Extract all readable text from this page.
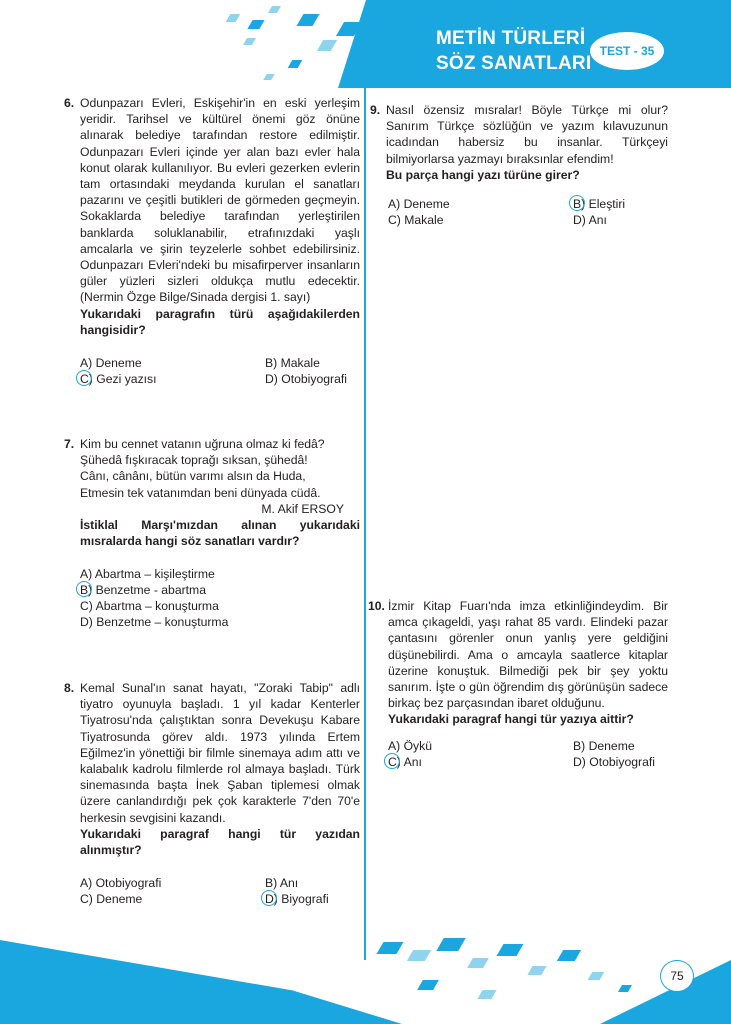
METİN TÜRLERİ
SÖZ SANATLARI
TEST - 35
6. Odunpazarı Evleri, Eskişehir'in en eski yerleşim yeridir. Tarihsel ve kültürel önemi göz önüne alınarak belediye tarafından restore edilmiştir. Odunpazarı Evleri içinde yer alan bazı evler hala konut olarak kullanılıyor. Bu evleri gezerken evlerin tam ortasındaki meydanda kurulan el sanatları pazarını ve çeşitli butikleri de görmeden geçmeyin. Sokaklarda belediye tarafından yerleştirilen banklarda soluklanabilir, etrafınızdaki yaşlı amcalarla ve şirin teyzelerle sohbet edebilirsiniz. Odunpazarı Evleri'ndeki bu misafirperver insanların güler yüzleri sizleri oldukça mutlu edecektir. (Nermin Özge Bilge/Sinada dergisi 1. sayı)
Yukarıdaki paragrafın türü aşağıdakilerden hangisidir?
A) Deneme	B) Makale
C) Gezi yazısı	D) Otobiyografi
7. Kim bu cennet vatanın uğruna olmaz ki fedâ?
Şühedâ fışkıracak toprağı sıksan, şühedâ!
Cânı, cânânı, bütün varımı alsın da Huda,
Etmesin tek vatanımdan beni dünyada cüdâ.
M. Akif ERSOY
İstiklal Marşı'mızdan alınan yukarıdaki mısralarda hangi söz sanatları vardır?
A) Abartma – kişileştirme
B) Benzetme - abartma
C) Abartma – konuşturma
D) Benzetme – konuşturma
8. Kemal Sunal'ın sanat hayatı, "Zoraki Tabip" adlı tiyatro oyunuyla başladı. 1 yıl kadar Kenterler Tiyatrosu'nda çalıştıktan sonra Devekuşu Kabare Tiyatrosunda görev aldı. 1973 yılında Ertem Eğilmez'in yönettiği bir filmle sinemaya adım attı ve kalabalık kadrolu filmlerde rol almaya başladı. Türk sinemasında başta İnek Şaban tiplemesi olmak üzere canlandırdığı pek çok karakterle 7'den 70'e herkesin sevgisini kazandı.
Yukarıdaki paragraf hangi tür yazıdan alınmıştır?
A) Otobiyografi	B) Anı
C) Deneme	D) Biyografi
9. Nasıl özensiz mısralar! Böyle Türkçe mi olur? Sanırım Türkçe sözlüğün ve yazım kılavuzunun icadından habersiz bu insanlar. Türkçeyi bilmiyorlarsa yazmayı bıraksınlar efendim!
Bu parça hangi yazı türüne girer?
A) Deneme	B) Eleştiri
C) Makale	D) Anı
10. İzmir Kitap Fuarı'nda imza etkinliğindeydim. Bir amca çıkageldi, yaşı rahat 85 vardı. Elindeki pazar çantasını görenler onun yanlış yere geldiğini düşünebilirdi. Ama o amcayla saatlerce kitaplar üzerine konuştuk. Bilmediği pek bir şey yoktu sanırım. İşte o gün öğrendim dış görünüşün sadece birkaç bez parçasından ibaret olduğunu.
Yukarıdaki paragraf hangi tür yazıya aittir?
A) Öykü	B) Deneme
C) Anı	D) Otobiyografi
75
